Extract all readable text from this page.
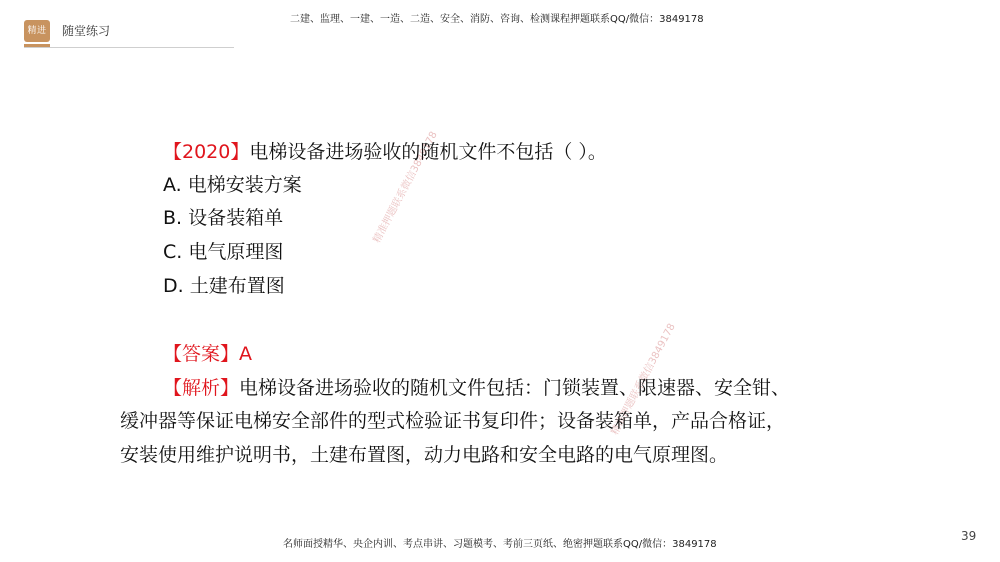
精进 随堂练习
二建、监理、一建、一造、二造、安全、消防、咨询、检测课程押题联系QQ/微信：3849178
精准押题联系微信3849178
精准押题联系微信3849178
【2020】电梯设备进场验收的随机文件不包括（ ）。
A. 电梯安装方案
B. 设备装箱单
C. 电气原理图
D. 土建布置图
【答案】A
【解析】电梯设备进场验收的随机文件包括：门锁装置、限速器、安全钳、
缓冲器等保证电梯安全部件的型式检验证书复印件；设备装箱单，产品合格证，
安装使用维护说明书，土建布置图，动力电路和安全电路的电气原理图。
名师面授精华、央企内训、考点串讲、习题模考、考前三页纸、绝密押题联系QQ/微信：3849178
39
